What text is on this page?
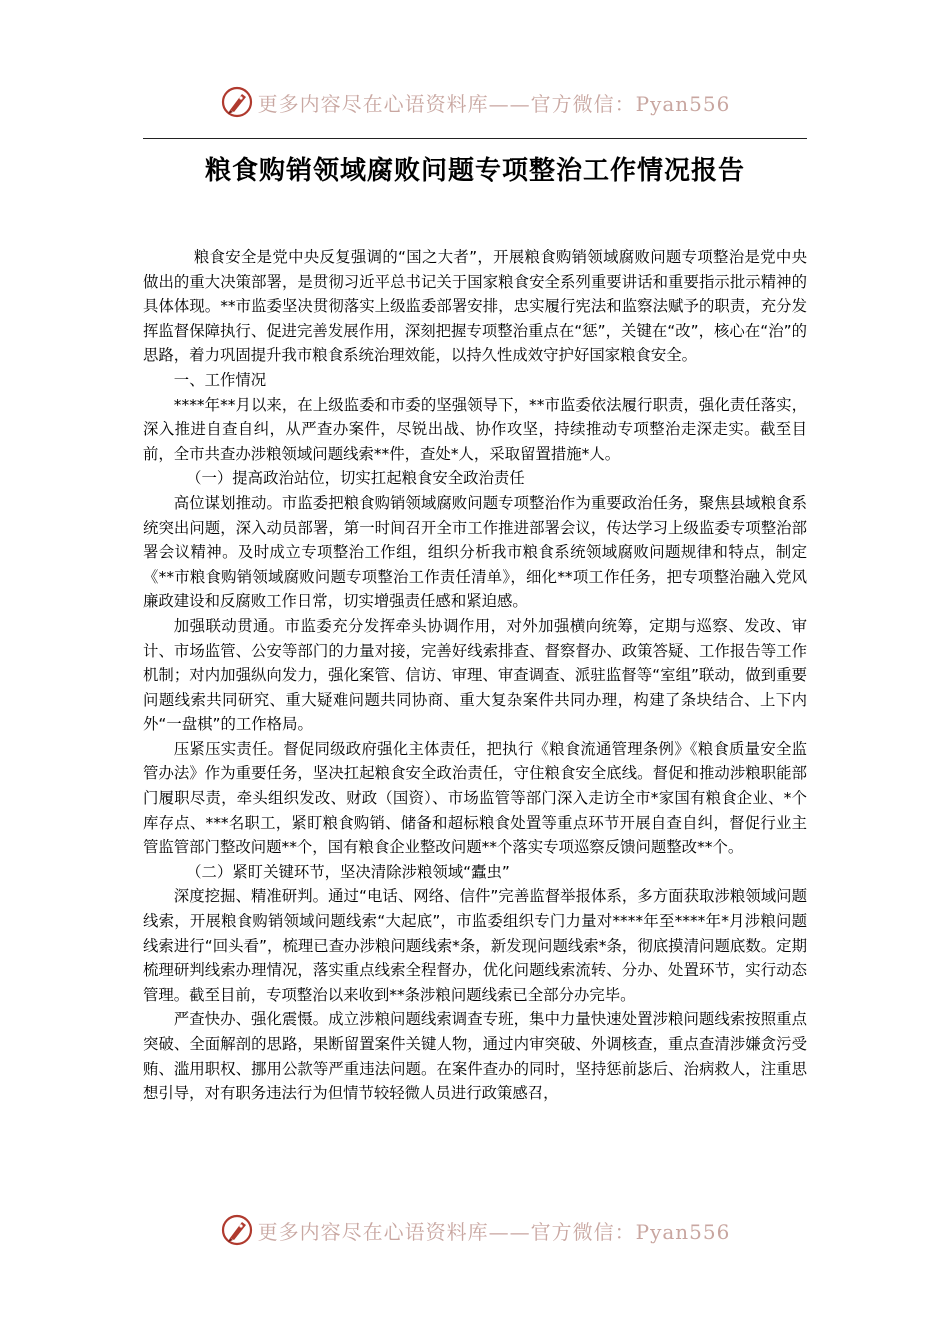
更多内容尽在心语资料库——官方微信：Pyan556
粮食购销领域腐败问题专项整治工作情况报告

粮食安全是党中央反复强调的“国之大者”，开展粮食购销领域腐败问题专项整治是党中央做出的重大决策部署，是贯彻习近平总书记关于国家粮食安全系列重要讲话和重要指示批示精神的具体体现。**市监委坚决贯彻落实上级监委部署安排，忠实履行宪法和监察法赋予的职责，充分发挥监督保障执行、促进完善发展作用，深刻把握专项整治重点在“惩”，关键在“改”，核心在“治”的思路，着力巩固提升我市粮食系统治理效能，以持久性成效守护好国家粮食安全。

一、工作情况

****年**月以来，在上级监委和市委的坚强领导下，**市监委依法履行职责，强化责任落实，深入推进自查自纠，从严查办案件，尽锐出战、协作攻坚，持续推动专项整治走深走实。截至目前，全市共查办涉粮领域问题线索**件，查处*人，采取留置措施*人。

（一）提高政治站位，切实扛起粮食安全政治责任

高位谋划推动。市监委把粮食购销领域腐败问题专项整治作为重要政治任务，聚焦县域粮食系统突出问题，深入动员部署，第一时间召开全市工作推进部署会议，传达学习上级监委专项整治部署会议精神。及时成立专项整治工作组，组织分析我市粮食系统领域腐败问题规律和特点，制定《**市粮食购销领域腐败问题专项整治工作责任清单》，细化**项工作任务，把专项整治融入党风廉政建设和反腐败工作日常，切实增强责任感和紧迫感。

加强联动贯通。市监委充分发挥牵头协调作用，对外加强横向统筹，定期与巡察、发改、审计、市场监管、公安等部门的力量对接，完善好线索排查、督察督办、政策答疑、工作报告等工作机制；对内加强纵向发力，强化案管、信访、审理、审查调查、派驻监督等“室组”联动，做到重要问题线索共同研究、重大疑难问题共同协商、重大复杂案件共同办理，构建了条块结合、上下内外“一盘棋”的工作格局。

压紧压实责任。督促同级政府强化主体责任，把执行《粮食流通管理条例》《粮食质量安全监管办法》作为重要任务，坚决扛起粮食安全政治责任，守住粮食安全底线。督促和推动涉粮职能部门履职尽责，牵头组织发改、财政（国资）、市场监管等部门深入走访全市*家国有粮食企业、*个库存点、***名职工，紧盯粮食购销、储备和超标粮食处置等重点环节开展自查自纠，督促行业主管监管部门整改问题**个，国有粮食企业整改问题**个落实专项巡察反馈问题整改**个。

（二）紧盯关键环节，坚决清除涉粮领域“蠹虫”

深度挖掘、精准研判。通过“电话、网络、信件”完善监督举报体系，多方面获取涉粮领域问题线索，开展粮食购销领域问题线索“大起底”，市监委组织专门力量对****年至****年*月涉粮问题线索进行“回头看”，梳理已查办涉粮问题线索*条，新发现问题线索*条，彻底摸清问题底数。定期梳理研判线索办理情况，落实重点线索全程督办，优化问题线索流转、分办、处置环节，实行动态管理。截至目前，专项整治以来收到**条涉粮问题线索已全部分办完毕。

严查快办、强化震慑。成立涉粮问题线索调查专班，集中力量快速处置涉粮问题线索按照重点突破、全面解剖的思路，果断留置案件关键人物，通过内审突破、外调核查，重点查清涉嫌贪污受贿、滥用职权、挪用公款等严重违法问题。在案件查办的同时，坚持惩前毖后、治病救人，注重思想引导，对有职务违法行为但情节较轻微人员进行政策感召，

更多内容尽在心语资料库——官方微信：Pyan556
